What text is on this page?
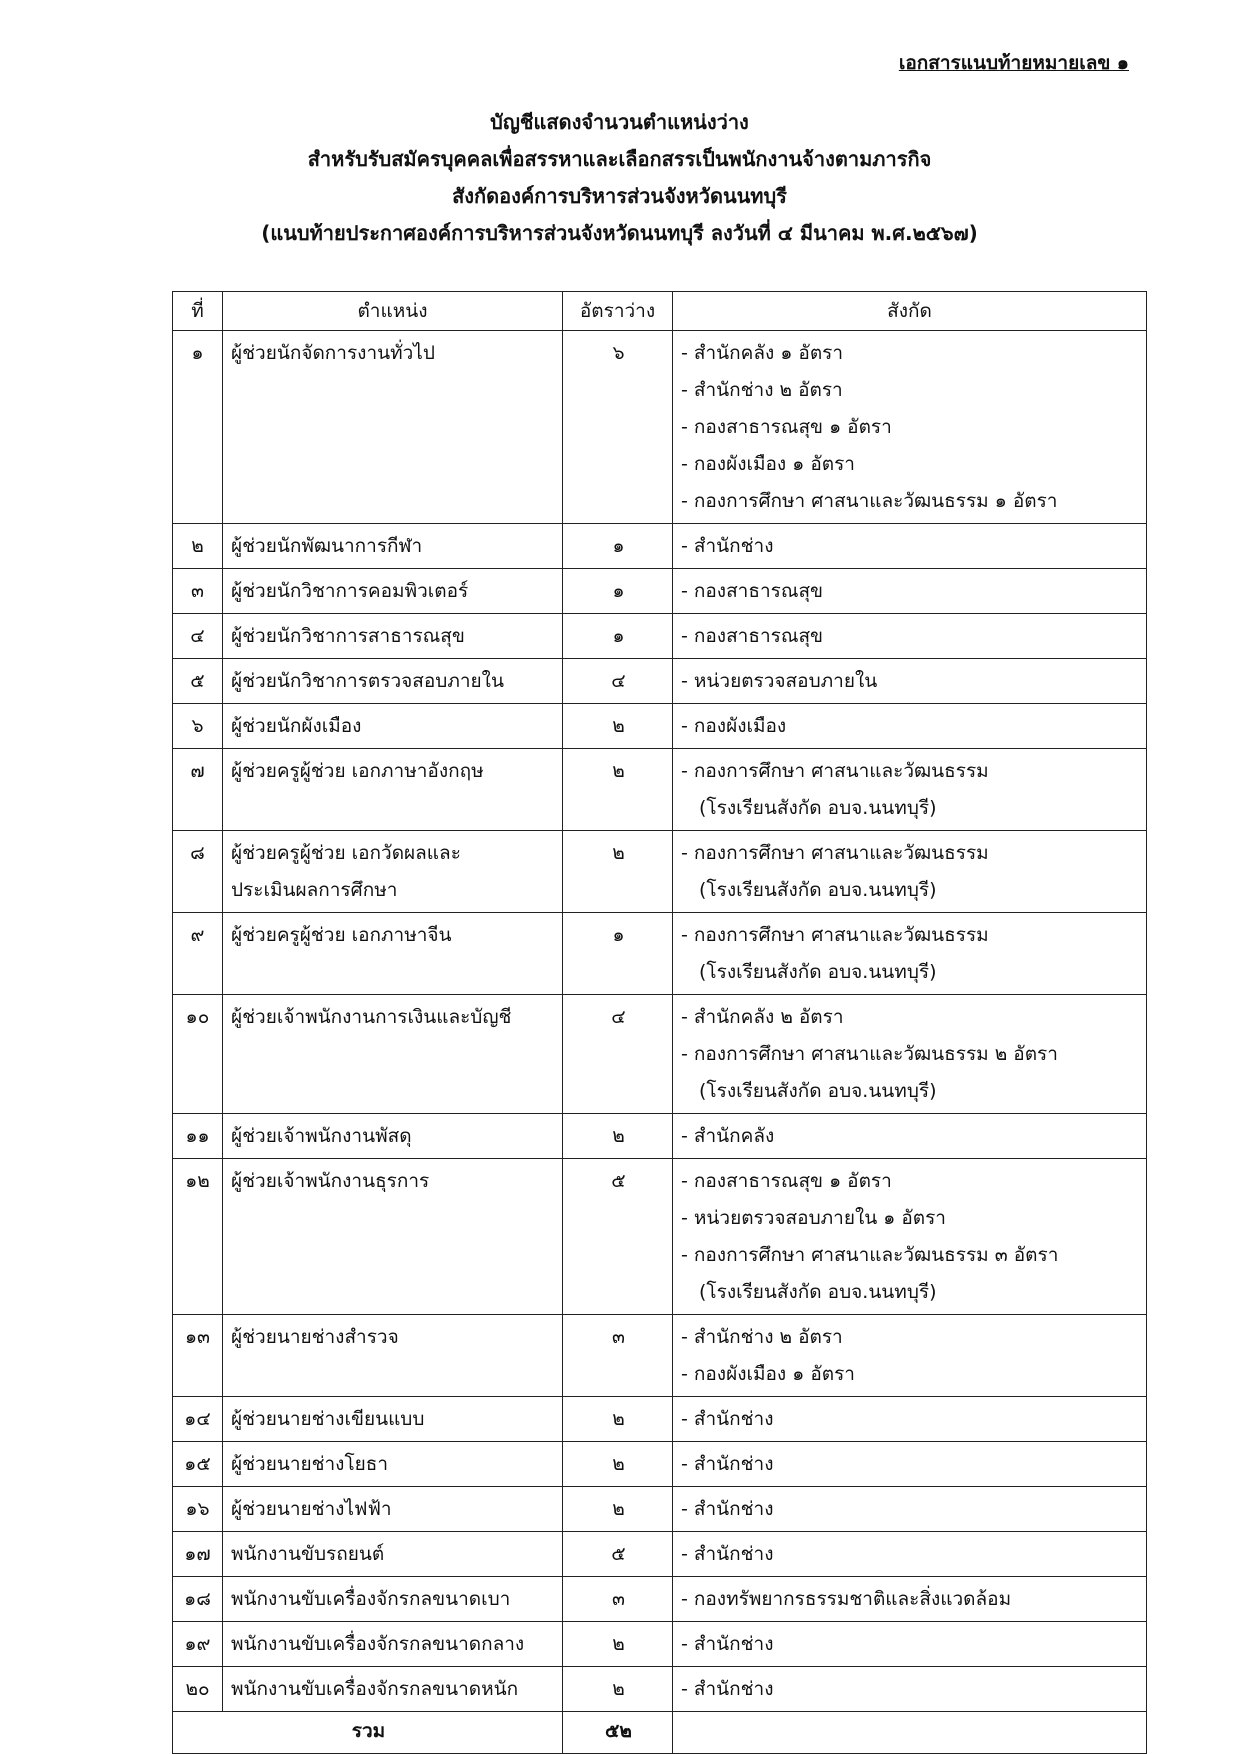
เอกสารแนบท้ายหมายเลข ๑
บัญชีแสดงจำนวนตำแหน่งว่าง
สำหรับรับสมัครบุคคลเพื่อสรรหาและเลือกสรรเป็นพนักงานจ้างตามภารกิจ
สังกัดองค์การบริหารส่วนจังหวัดนนทบุรี
(แนบท้ายประกาศองค์การบริหารส่วนจังหวัดนนทบุรี ลงวันที่ ๔ มีนาคม พ.ศ.๒๕๖๗)
ที่	ตำแหน่ง	อัตราว่าง	สังกัด

๑	ผู้ช่วยนักจัดการงานทั่วไป	๖	- สำนักคลัง ๑ อัตรา
- สำนักช่าง ๒ อัตรา
- กองสาธารณสุข ๑ อัตรา
- กองผังเมือง ๑ อัตรา
- กองการศึกษา ศาสนาและวัฒนธรรม ๑ อัตรา

๒	ผู้ช่วยนักพัฒนาการกีฬา	๑	- สำนักช่าง

๓	ผู้ช่วยนักวิชาการคอมพิวเตอร์	๑	- กองสาธารณสุข

๔	ผู้ช่วยนักวิชาการสาธารณสุข	๑	- กองสาธารณสุข

๕	ผู้ช่วยนักวิชาการตรวจสอบภายใน	๔	- หน่วยตรวจสอบภายใน

๖	ผู้ช่วยนักผังเมือง	๒	- กองผังเมือง

๗	ผู้ช่วยครูผู้ช่วย เอกภาษาอังกฤษ	๒	- กองการศึกษา ศาสนาและวัฒนธรรม
(โรงเรียนสังกัด อบจ.นนทบุรี)

๘	ผู้ช่วยครูผู้ช่วย เอกวัดผลและ
ประเมินผลการศึกษา	๒	- กองการศึกษา ศาสนาและวัฒนธรรม
(โรงเรียนสังกัด อบจ.นนทบุรี)

๙	ผู้ช่วยครูผู้ช่วย เอกภาษาจีน	๑	- กองการศึกษา ศาสนาและวัฒนธรรม
(โรงเรียนสังกัด อบจ.นนทบุรี)

๑๐	ผู้ช่วยเจ้าพนักงานการเงินและบัญชี	๔	- สำนักคลัง ๒ อัตรา
- กองการศึกษา ศาสนาและวัฒนธรรม ๒ อัตรา
(โรงเรียนสังกัด อบจ.นนทบุรี)

๑๑	ผู้ช่วยเจ้าพนักงานพัสดุ	๒	- สำนักคลัง

๑๒	ผู้ช่วยเจ้าพนักงานธุรการ	๕	- กองสาธารณสุข ๑ อัตรา
- หน่วยตรวจสอบภายใน ๑ อัตรา
- กองการศึกษา ศาสนาและวัฒนธรรม ๓ อัตรา
(โรงเรียนสังกัด อบจ.นนทบุรี)

๑๓	ผู้ช่วยนายช่างสำรวจ	๓	- สำนักช่าง ๒ อัตรา
- กองผังเมือง ๑ อัตรา

๑๔	ผู้ช่วยนายช่างเขียนแบบ	๒	- สำนักช่าง

๑๕	ผู้ช่วยนายช่างโยธา	๒	- สำนักช่าง

๑๖	ผู้ช่วยนายช่างไฟฟ้า	๒	- สำนักช่าง

๑๗	พนักงานขับรถยนต์	๕	- สำนักช่าง

๑๘	พนักงานขับเครื่องจักรกลขนาดเบา	๓	- กองทรัพยากรธรรมชาติและสิ่งแวดล้อม

๑๙	พนักงานขับเครื่องจักรกลขนาดกลาง	๒	- สำนักช่าง

๒๐	พนักงานขับเครื่องจักรกลขนาดหนัก	๒	- สำนักช่าง

รวม		๕๒	
